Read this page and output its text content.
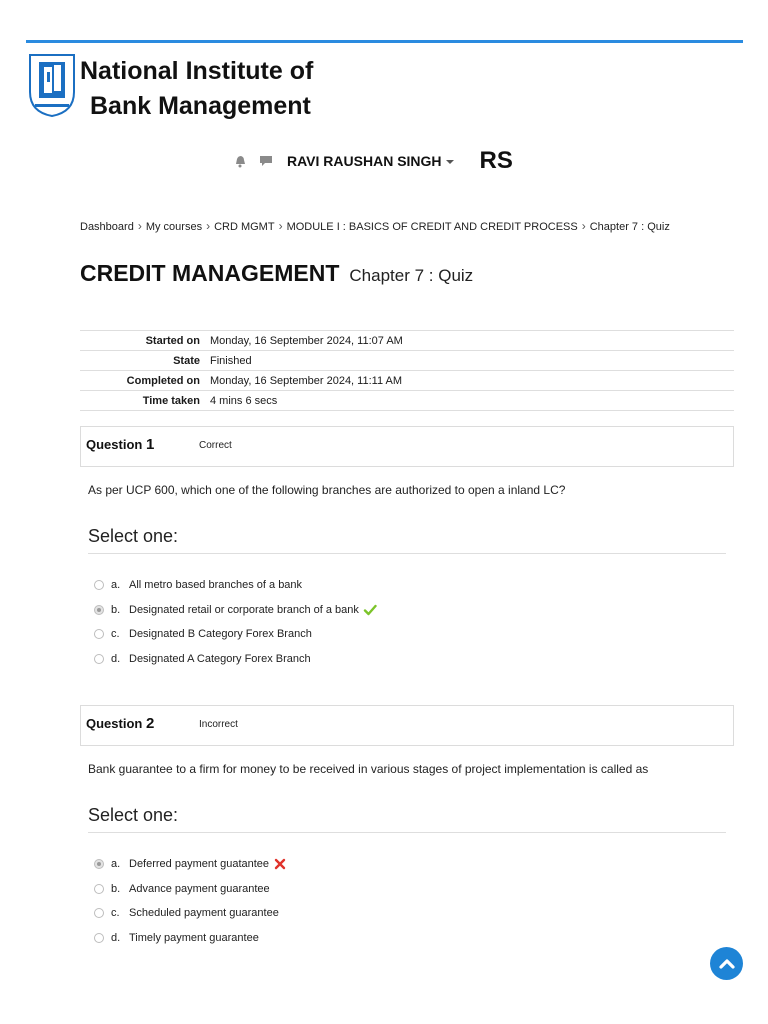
National Institute of
Bank Management
RAVI RAUSHAN SINGH RS
Dashboard › My courses › CRD MGMT › MODULE I : BASICS OF CREDIT AND CREDIT PROCESS › Chapter 7 : Quiz
CREDIT MANAGEMENT Chapter 7 : Quiz
Started on	Monday, 16 September 2024, 11:07 AM
State	Finished
Completed on	Monday, 16 September 2024, 11:11 AM
Time taken	4 mins 6 secs
Question 1	Correct
As per UCP 600, which one of the following branches are authorized to open a inland LC?
Select one:
a. All metro based branches of a bank
b. Designated retail or corporate branch of a bank
c. Designated B Category Forex Branch
d. Designated A Category Forex Branch
Question 2	Incorrect
Bank guarantee to a firm for money to be received in various stages of project implementation is called as
Select one:
a. Deferred payment guatantee
b. Advance payment guarantee
c. Scheduled payment guarantee
d. Timely payment guarantee
